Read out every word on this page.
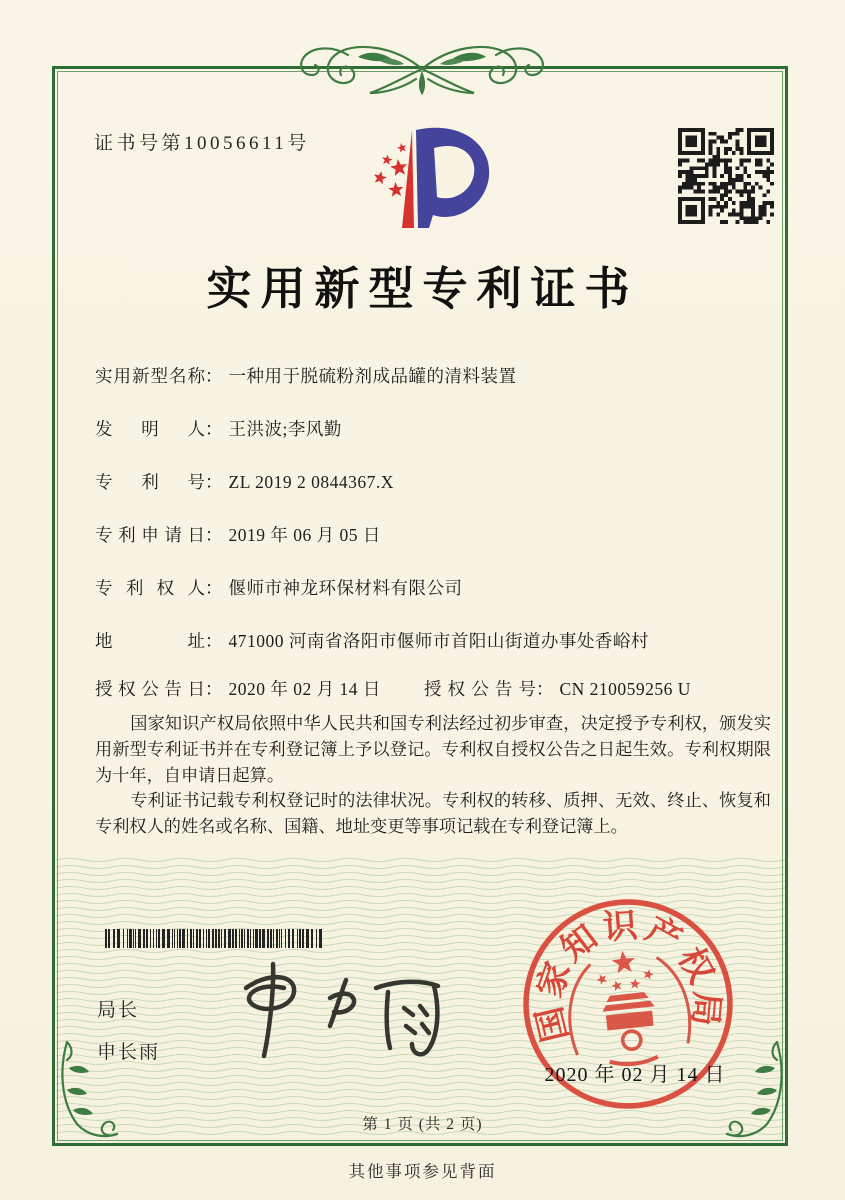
证书号第10056611号
实用新型专利证书
实用新型名称： 一种用于脱硫粉剂成品罐的清料装置
发明人： 王洪波;李风勤
专利号： ZL 2019 2 0844367.X
专利申请日： 2019 年 06 月 05 日
专利权人： 偃师市神龙环保材料有限公司
地址： 471000 河南省洛阳市偃师市首阳山街道办事处香峪村
授权公告日： 2020 年 02 月 14 日 授权公告号： CN 210059256 U

国家知识产权局依照中华人民共和国专利法经过初步审查，决定授予专利权，颁发实用新型专利证书并在专利登记簿上予以登记。专利权自授权公告之日起生效。专利权期限为十年，自申请日起算。

专利证书记载专利权登记时的法律状况。专利权的转移、质押、无效、终止、恢复和专利权人的姓名或名称、国籍、地址变更等事项记载在专利登记簿上。

局长
申长雨
国家知识产权局
2020 年 02 月 14 日
第 1 页 (共 2 页)
其他事项参见背面
